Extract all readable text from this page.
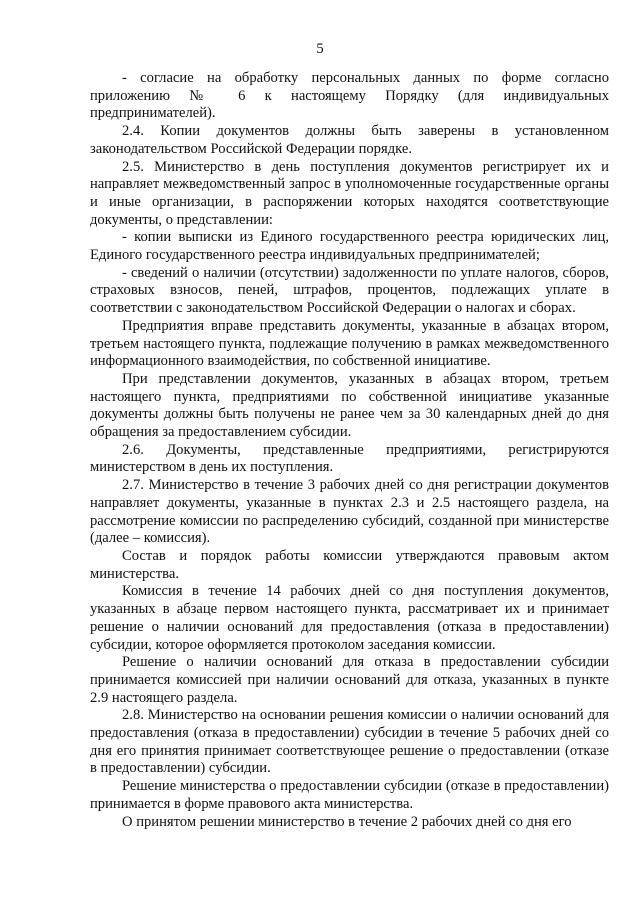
5

- согласие на обработку персональных данных по форме согласно приложению № 6 к настоящему Порядку (для индивидуальных предпринимателей).

2.4. Копии документов должны быть заверены в установленном законодательством Российской Федерации порядке.

2.5. Министерство в день поступления документов регистрирует их и направляет межведомственный запрос в уполномоченные государственные органы и иные организации, в распоряжении которых находятся соответствующие документы, о представлении:

- копии выписки из Единого государственного реестра юридических лиц, Единого государственного реестра индивидуальных предпринимателей;

- сведений о наличии (отсутствии) задолженности по уплате налогов, сборов, страховых взносов, пеней, штрафов, процентов, подлежащих уплате в соответствии с законодательством Российской Федерации о налогах и сборах.

Предприятия вправе представить документы, указанные в абзацах втором, третьем настоящего пункта, подлежащие получению в рамках межведомственного информационного взаимодействия, по собственной инициативе.

При представлении документов, указанных в абзацах втором, третьем настоящего пункта, предприятиями по собственной инициативе указанные документы должны быть получены не ранее чем за 30 календарных дней до дня обращения за предоставлением субсидии.

2.6. Документы, представленные предприятиями, регистрируются министерством в день их поступления.

2.7. Министерство в течение 3 рабочих дней со дня регистрации документов направляет документы, указанные в пунктах 2.3 и 2.5 настоящего раздела, на рассмотрение комиссии по распределению субсидий, созданной при министерстве (далее – комиссия).

Состав и порядок работы комиссии утверждаются правовым актом министерства.

Комиссия в течение 14 рабочих дней со дня поступления документов, указанных в абзаце первом настоящего пункта, рассматривает их и принимает решение о наличии оснований для предоставления (отказа в предоставлении) субсидии, которое оформляется протоколом заседания комиссии.

Решение о наличии оснований для отказа в предоставлении субсидии принимается комиссией при наличии оснований для отказа, указанных в пункте 2.9 настоящего раздела.

2.8. Министерство на основании решения комиссии о наличии оснований для предоставления (отказа в предоставлении) субсидии в течение 5 рабочих дней со дня его принятия принимает соответствующее решение о предоставлении (отказе в предоставлении) субсидии.

Решение министерства о предоставлении субсидии (отказе в предоставлении) принимается в форме правового акта министерства.

О принятом решении министерство в течение 2 рабочих дней со дня его
